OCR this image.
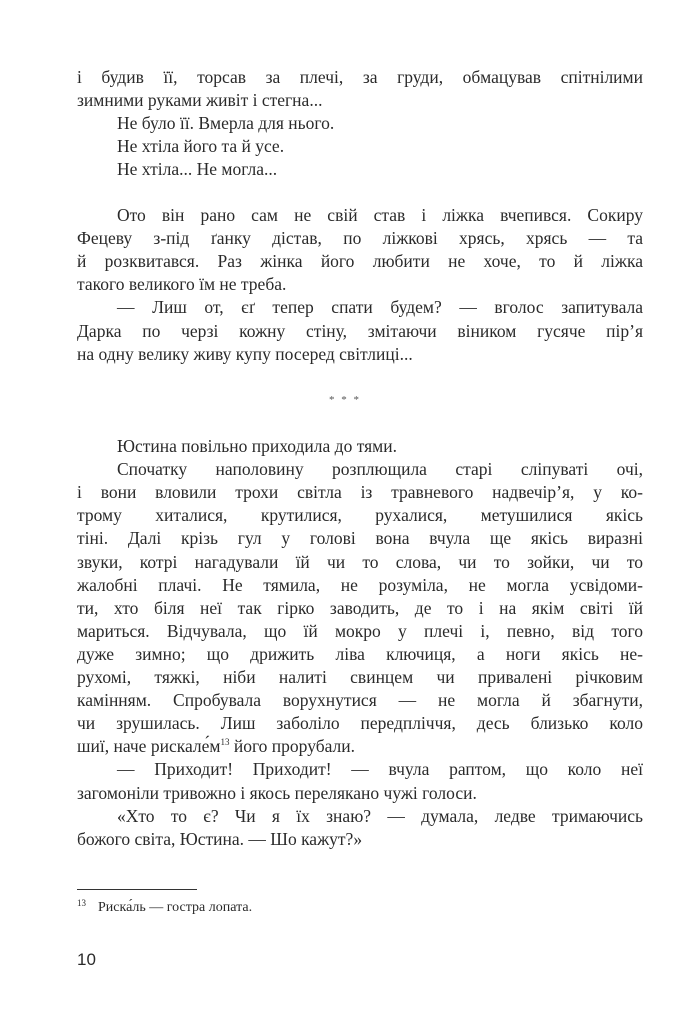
і будив її, торсав за плечі, за груди, обмацував спітнілими
зимними руками живіт і стегна...
Не було її. Вмерла для нього.
Не хтіла його та й усе.
Не хтіла... Не могла...
Ото він рано сам не свій став і ліжка вчепився. Сокиру
Фецеву з-під ґанку дістав, по ліжкові хрясь, хрясь — та
й розквитався. Раз жінка його любити не хоче, то й ліжка
такого великого їм не треба.
— Лиш от, єґ тепер спати будем? — вголос запитувала
Дарка по черзі кожну стіну, змітаючи віником гусяче пір’я
на одну велику живу купу посеред світлиці...
Юстина повільно приходила до тями.
Спочатку наполовину розплющила старі сліпуваті очі,
і вони вловили трохи світла із травневого надвечір’я, у ко-
трому хиталися, крутилися, рухалися, метушилися якісь
тіні. Далі крізь гул у голові вона вчула ще якісь виразні
звуки, котрі нагадували їй чи то слова, чи то зойки, чи то
жалобні плачі. Не тямила, не розуміла, не могла усвідоми-
ти, хто біля неї так гірко заводить, де то і на якім світі їй
мариться. Відчувала, що їй мокро у плечі і, певно, від того
дуже зимно; що дрижить ліва ключиця, а ноги якісь не-
рухомі, тяжкі, ніби налиті свинцем чи привалені річковим
камінням. Спробувала ворухнутися — не могла й збагнути,
чи зрушилась. Лиш заболіло передпліччя, десь близько коло
шиї, наче $рискале́м^{13}$ його прорубали.
— Приходит! Приходит! — вчула раптом, що коло неї
загомоніли тривожно і якось перелякано чужі голоси.
«Хто то є? Чи я їх знаю? — думала, ледве тримаючись
божого світа, Юстина. — Шо кажут?»
* * *
$^{13}$ Риска́ль — гостра лопата.
10
